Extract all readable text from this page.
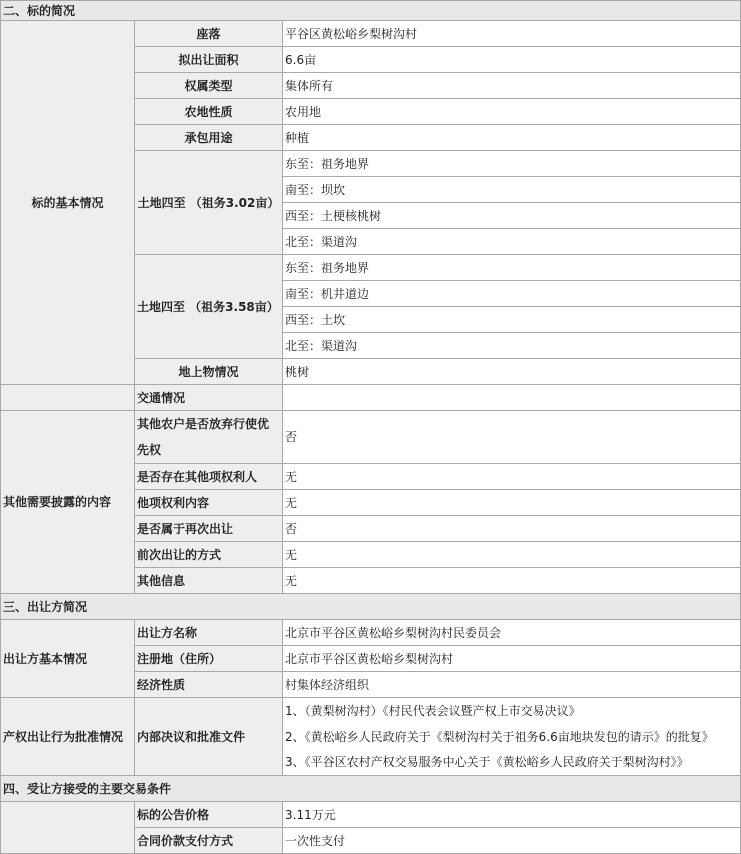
二、标的简况		
标的基本情况	座落	平谷区黄松峪乡梨树沟村
	拟出让面积	6.6亩
	权属类型	集体所有
	农地性质	农用地
	承包用途	种植
	土地四至 （祖务3.02亩）	东至：祖务地界
		南至：坝坎
		西至：土梗核桃树
		北至：渠道沟
	土地四至 （祖务3.58亩）	东至：祖务地界
		南至：机井道边
		西至：土坎
		北至：渠道沟
	地上物情况	桃树
	交通情况	
其他需要披露的内容	其他农户是否放弃行使优先权	否
	是否存在其他项权利人	无
	他项权利内容	无
	是否属于再次出让	否
	前次出让的方式	无
	其他信息	无
三、出让方简况		
出让方基本情况	出让方名称	北京市平谷区黄松峪乡梨树沟村民委员会
	注册地（住所）	北京市平谷区黄松峪乡梨树沟村
	经济性质	村集体经济组织
产权出让行为批准情况	内部决议和批准文件	1、（黄梨树沟村）《村民代表会议暨产权上市交易决议》
		2、《黄松峪乡人民政府关于《梨树沟村关于祖务6.6亩地块发包的请示》的批复》
		3、《平谷区农村产权交易服务中心关于《黄松峪乡人民政府关于梨树沟村》》
四、受让方接受的主要交易条件		
	标的公告价格	3.11万元
	合同价款支付方式	一次性支付
